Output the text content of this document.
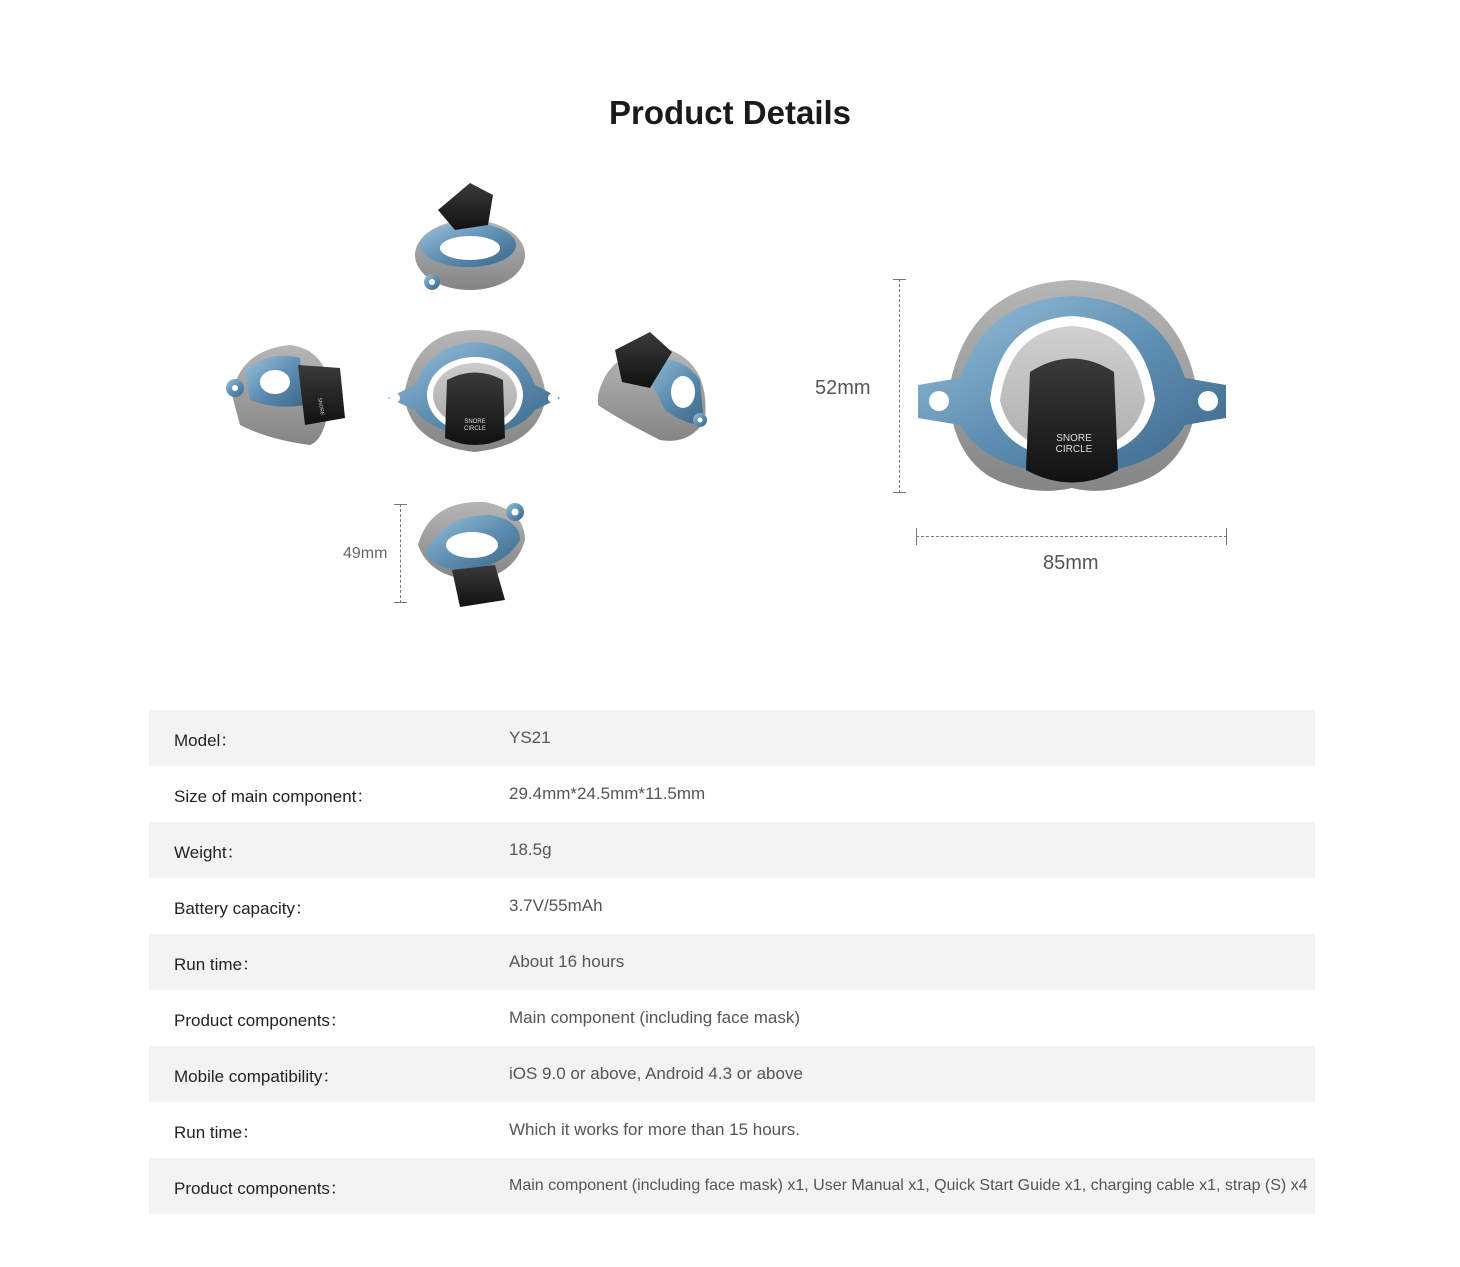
Product Details
SNORE
SNORE
CIRCLE
SNORE
CIRCLE
52mm
85mm
49mm
Model：	YS21
Size of main component：	29.4mm*24.5mm*11.5mm
Weight：	18.5g
Battery capacity：	3.7V/55mAh
Run time：	About 16 hours
Product components：	Main component (including face mask)
Mobile compatibility：	iOS 9.0 or above, Android 4.3 or above
Run time：	Which it works for more than 15 hours.
Product components：	Main component (including face mask) x1, User Manual x1, Quick Start Guide x1, charging cable x1, strap (S) x4
